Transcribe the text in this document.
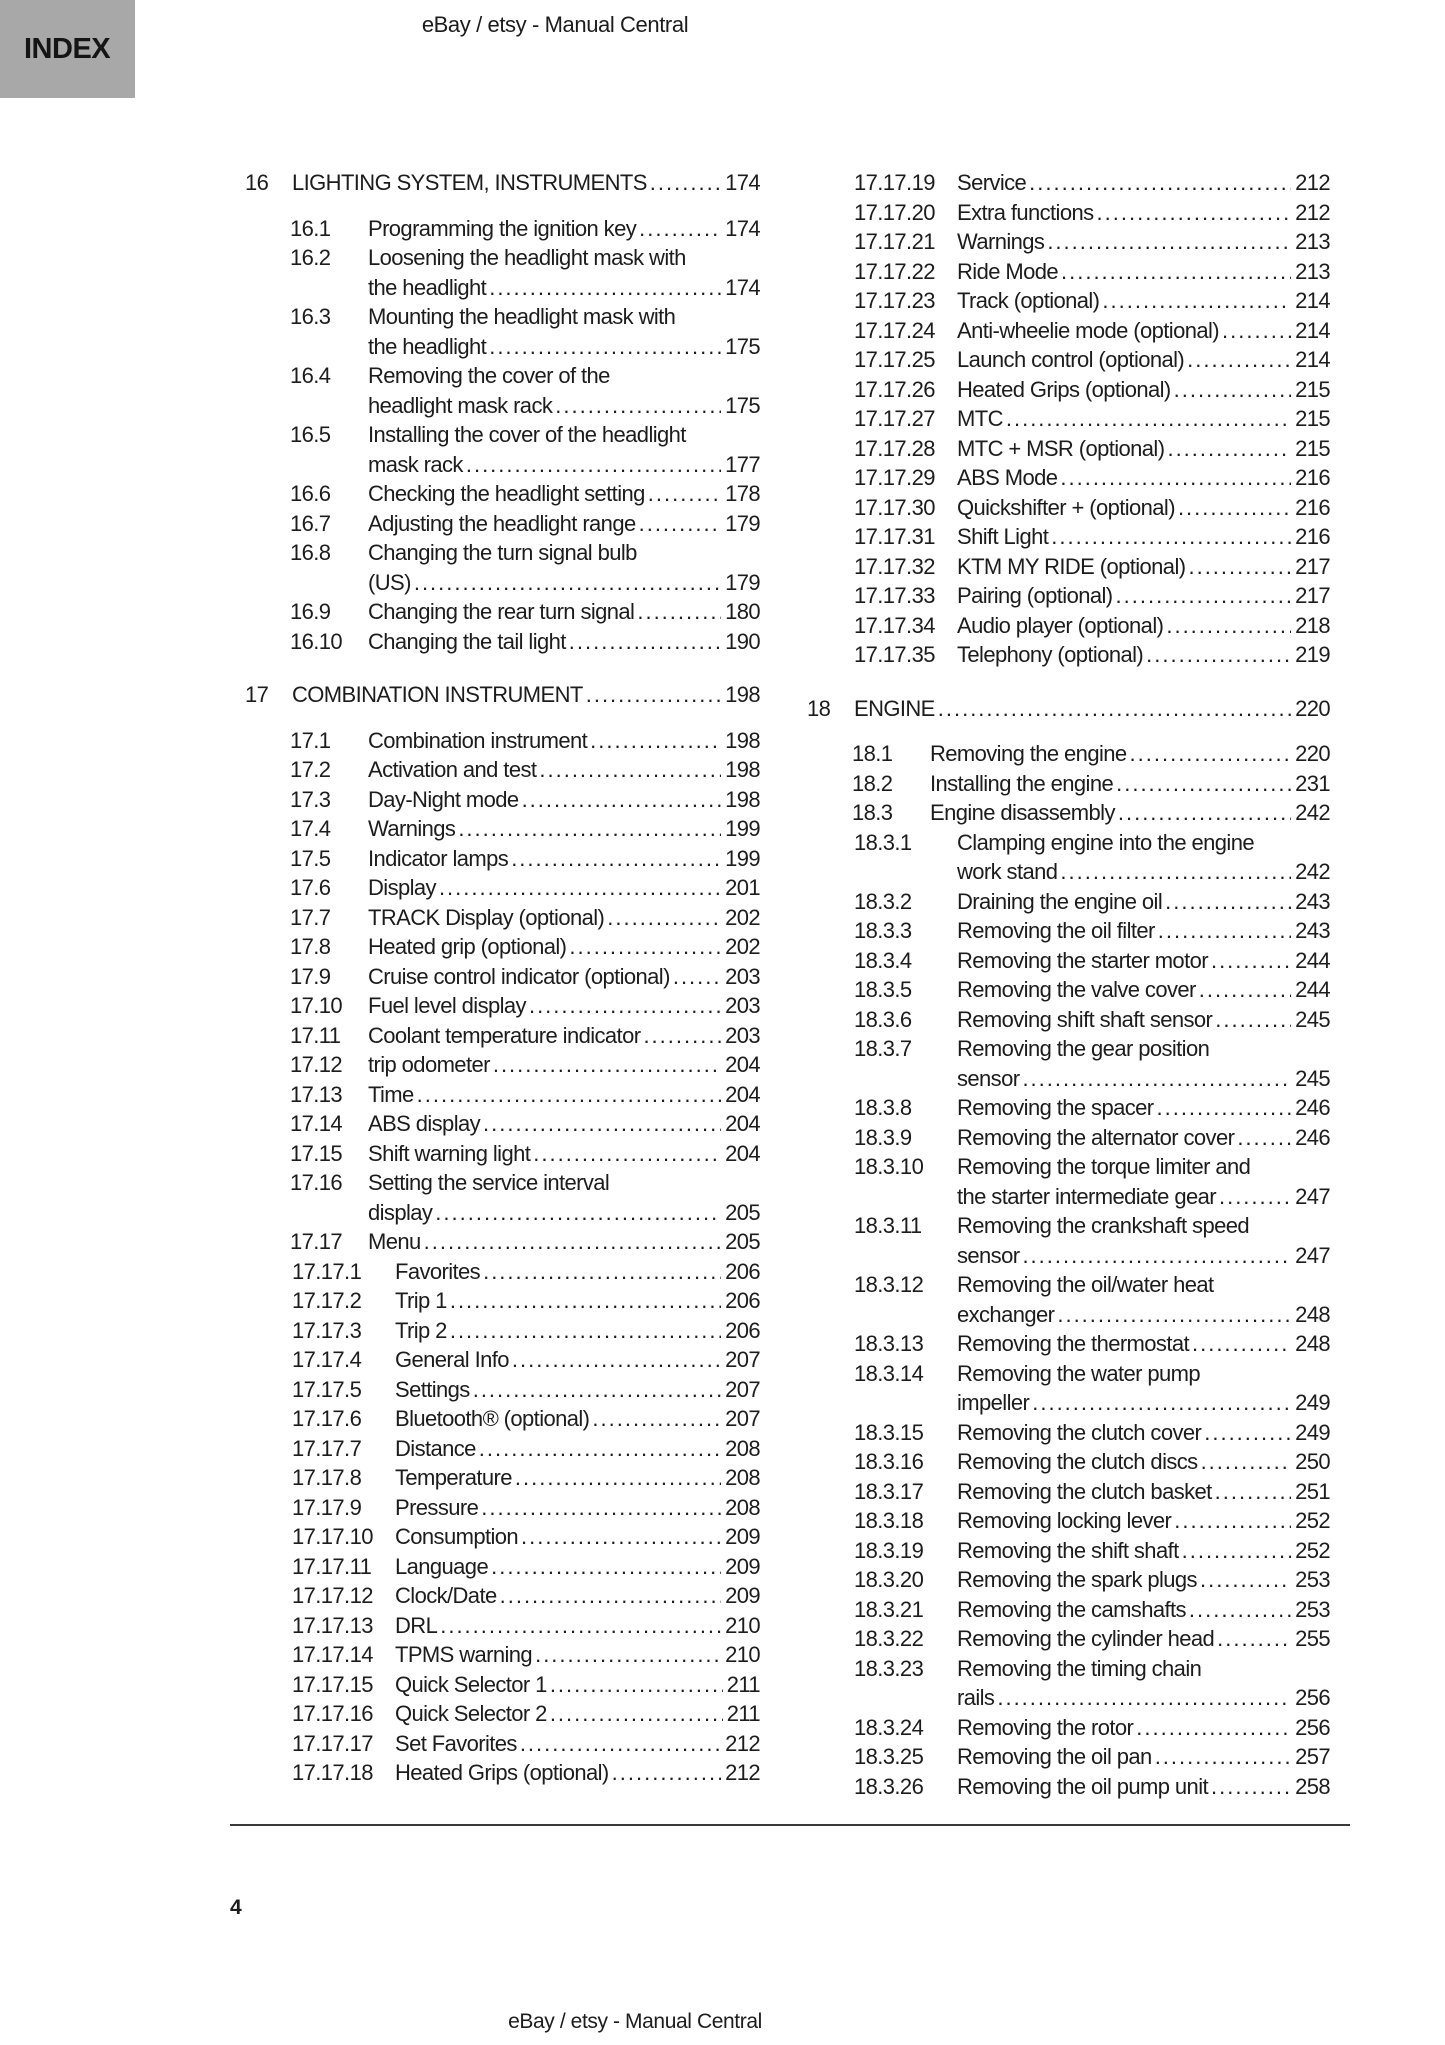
INDEX
eBay / etsy - Manual Central
16	LIGHTING SYSTEM, INSTRUMENTS .....	174
16.1	Programming the ignition key .....	174
16.2	Loosening the headlight mask with
the headlight .....	174
16.3	Mounting the headlight mask with
the headlight .....	175
16.4	Removing the cover of the
headlight mask rack .....	175
16.5	Installing the cover of the headlight
mask rack .....	177
16.6	Checking the headlight setting .....	178
16.7	Adjusting the headlight range .....	179
16.8	Changing the turn signal bulb
(US) .....	179
16.9	Changing the rear turn signal .....	180
16.10	Changing the tail light .....	190
17	COMBINATION INSTRUMENT .....	198
17.1	Combination instrument .....	198
17.2	Activation and test .....	198
17.3	Day-Night mode .....	198
17.4	Warnings .....	199
17.5	Indicator lamps .....	199
17.6	Display .....	201
17.7	TRACK Display (optional) .....	202
17.8	Heated grip (optional) .....	202
17.9	Cruise control indicator (optional) .....	203
17.10	Fuel level display .....	203
17.11	Coolant temperature indicator .....	203
17.12	trip odometer .....	204
17.13	Time .....	204
17.14	ABS display .....	204
17.15	Shift warning light .....	204
17.16	Setting the service interval
display .....	205
17.17	Menu .....	205
17.17.1	Favorites .....	206
17.17.2	Trip 1 .....	206
17.17.3	Trip 2 .....	206
17.17.4	General Info .....	207
17.17.5	Settings .....	207
17.17.6	Bluetooth® (optional) .....	207
17.17.7	Distance .....	208
17.17.8	Temperature .....	208
17.17.9	Pressure .....	208
17.17.10	Consumption .....	209
17.17.11	Language .....	209
17.17.12	Clock/Date .....	209
17.17.13	DRL .....	210
17.17.14	TPMS warning .....	210
17.17.15	Quick Selector 1 .....	211
17.17.16	Quick Selector 2 .....	211
17.17.17	Set Favorites .....	212
17.17.18	Heated Grips (optional) .....	212
17.17.19	Service .....	212
17.17.20	Extra functions .....	212
17.17.21	Warnings .....	213
17.17.22	Ride Mode .....	213
17.17.23	Track (optional) .....	214
17.17.24	Anti-wheelie mode (optional) .....	214
17.17.25	Launch control (optional) .....	214
17.17.26	Heated Grips (optional) .....	215
17.17.27	MTC .....	215
17.17.28	MTC + MSR (optional) .....	215
17.17.29	ABS Mode .....	216
17.17.30	Quickshifter + (optional) .....	216
17.17.31	Shift Light .....	216
17.17.32	KTM MY RIDE (optional) .....	217
17.17.33	Pairing (optional) .....	217
17.17.34	Audio player (optional) .....	218
17.17.35	Telephony (optional) .....	219
18	ENGINE .....	220
18.1	Removing the engine .....	220
18.2	Installing the engine .....	231
18.3	Engine disassembly .....	242
18.3.1	Clamping engine into the engine
work stand .....	242
18.3.2	Draining the engine oil .....	243
18.3.3	Removing the oil filter .....	243
18.3.4	Removing the starter motor .....	244
18.3.5	Removing the valve cover .....	244
18.3.6	Removing shift shaft sensor .....	245
18.3.7	Removing the gear position
sensor .....	245
18.3.8	Removing the spacer .....	246
18.3.9	Removing the alternator cover .....	246
18.3.10	Removing the torque limiter and
the starter intermediate gear .....	247
18.3.11	Removing the crankshaft speed
sensor .....	247
18.3.12	Removing the oil/water heat
exchanger .....	248
18.3.13	Removing the thermostat .....	248
18.3.14	Removing the water pump
impeller .....	249
18.3.15	Removing the clutch cover .....	249
18.3.16	Removing the clutch discs .....	250
18.3.17	Removing the clutch basket .....	251
18.3.18	Removing locking lever .....	252
18.3.19	Removing the shift shaft .....	252
18.3.20	Removing the spark plugs .....	253
18.3.21	Removing the camshafts .....	253
18.3.22	Removing the cylinder head .....	255
18.3.23	Removing the timing chain
rails .....	256
18.3.24	Removing the rotor .....	256
18.3.25	Removing the oil pan .....	257
18.3.26	Removing the oil pump unit .....	258
4
eBay / etsy - Manual Central
